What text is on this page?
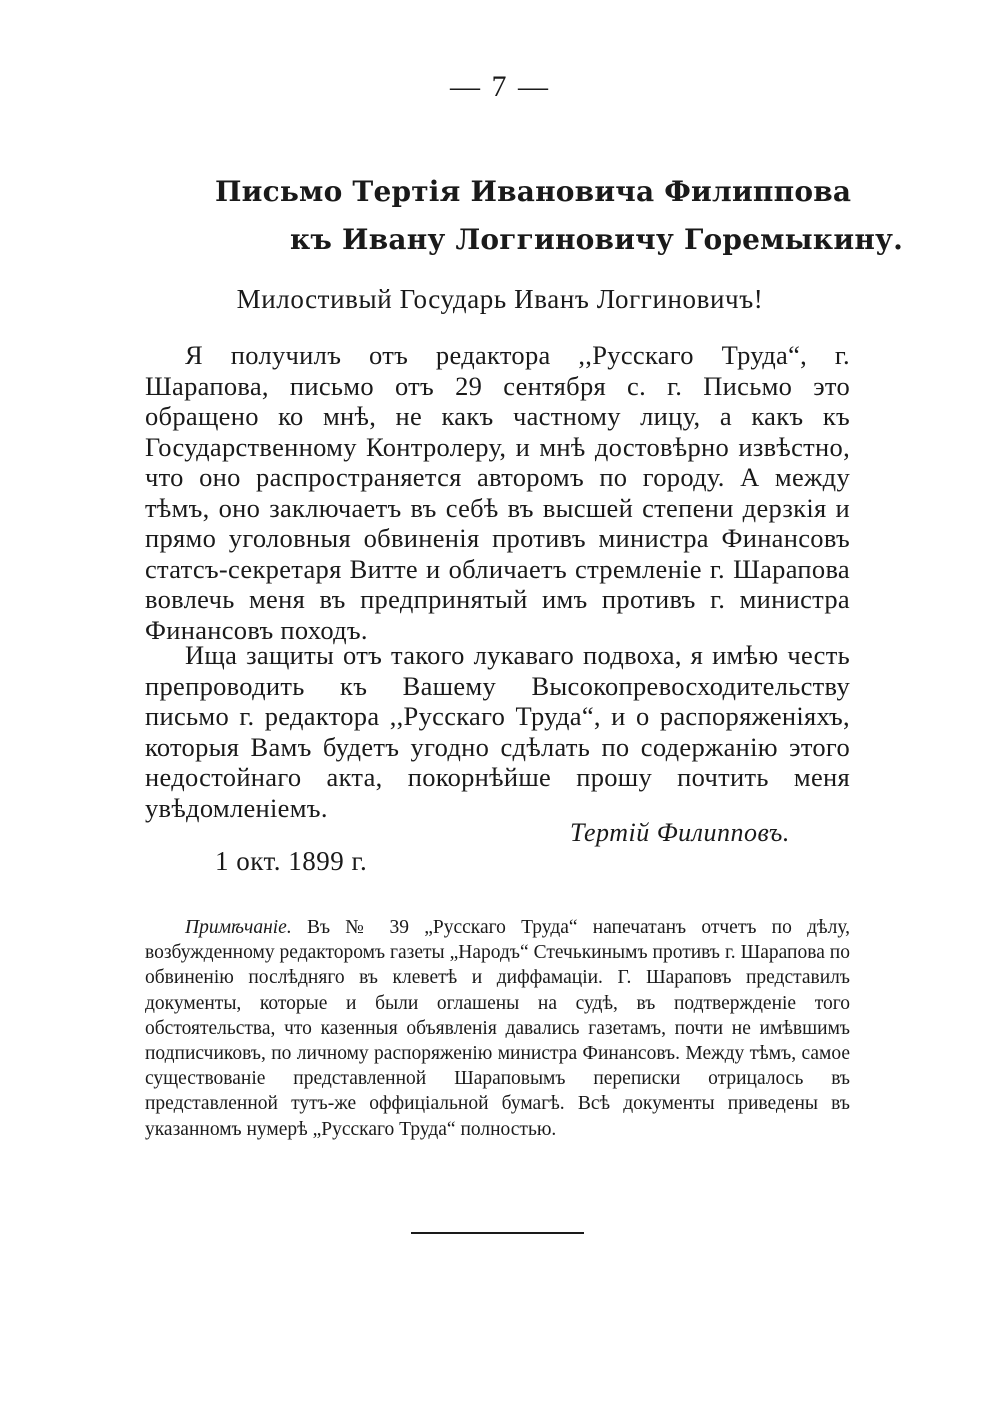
— 7 —
Письмо Тертія Ивановича Филиппова
къ Ивану Логгиновичу Горемыкину.
Милостивый Государь Иванъ Логгиновичъ!

Я получилъ отъ редактора ,,Русскаго Труда“, г. Шарапова, письмо отъ 29 сентября с. г. Письмо это обращено ко мнѣ, не какъ частному лицу, а какъ къ Государственному Контролеру, и мнѣ достовѣрно извѣстно, что оно распространяется авторомъ по городу. А между тѣмъ, оно заключаетъ въ себѣ въ высшей степени дерзкія и прямо уголовныя обвиненія противъ министра Финансовъ статсъ-секретаря Витте и обличаетъ стремленіе г. Шарапова вовлечь меня въ предпринятый имъ противъ г. министра Финансовъ походъ.

Ища защиты отъ такого лукаваго подвоха, я имѣю честь препроводить къ Вашему Высокопревосходительству письмо г. редактора ,,Русскаго Труда“, и о распоряженіяхъ, которыя Вамъ будетъ угодно сдѣлать по содержанію этого недостойнаго акта, покорнѣйше прошу почтить меня увѣдомленіемъ.

Тертій Филипповъ.
1 окт. 1899 г.

Примѣчаніе. Въ № 39 „Русскаго Труда“ напечатанъ отчетъ по дѣлу, возбужденному редакторомъ газеты „Народъ“ Стечькинымъ противъ г. Шарапова по обвиненію послѣдняго въ клеветѣ и диффамаціи. Г. Шараповъ представилъ документы, которые и были оглашены на судѣ, въ подтвержденіе того обстоятельства, что казенныя объявленія давались газетамъ, почти не имѣвшимъ подписчиковъ, по личному распоряженію министра Финансовъ. Между тѣмъ, самое существованіе представленной Шараповымъ переписки отрицалось въ представленной тутъ-же оффиціальной бумагѣ. Всѣ документы приведены въ указанномъ нумерѣ „Русскаго Труда“ полностью.
